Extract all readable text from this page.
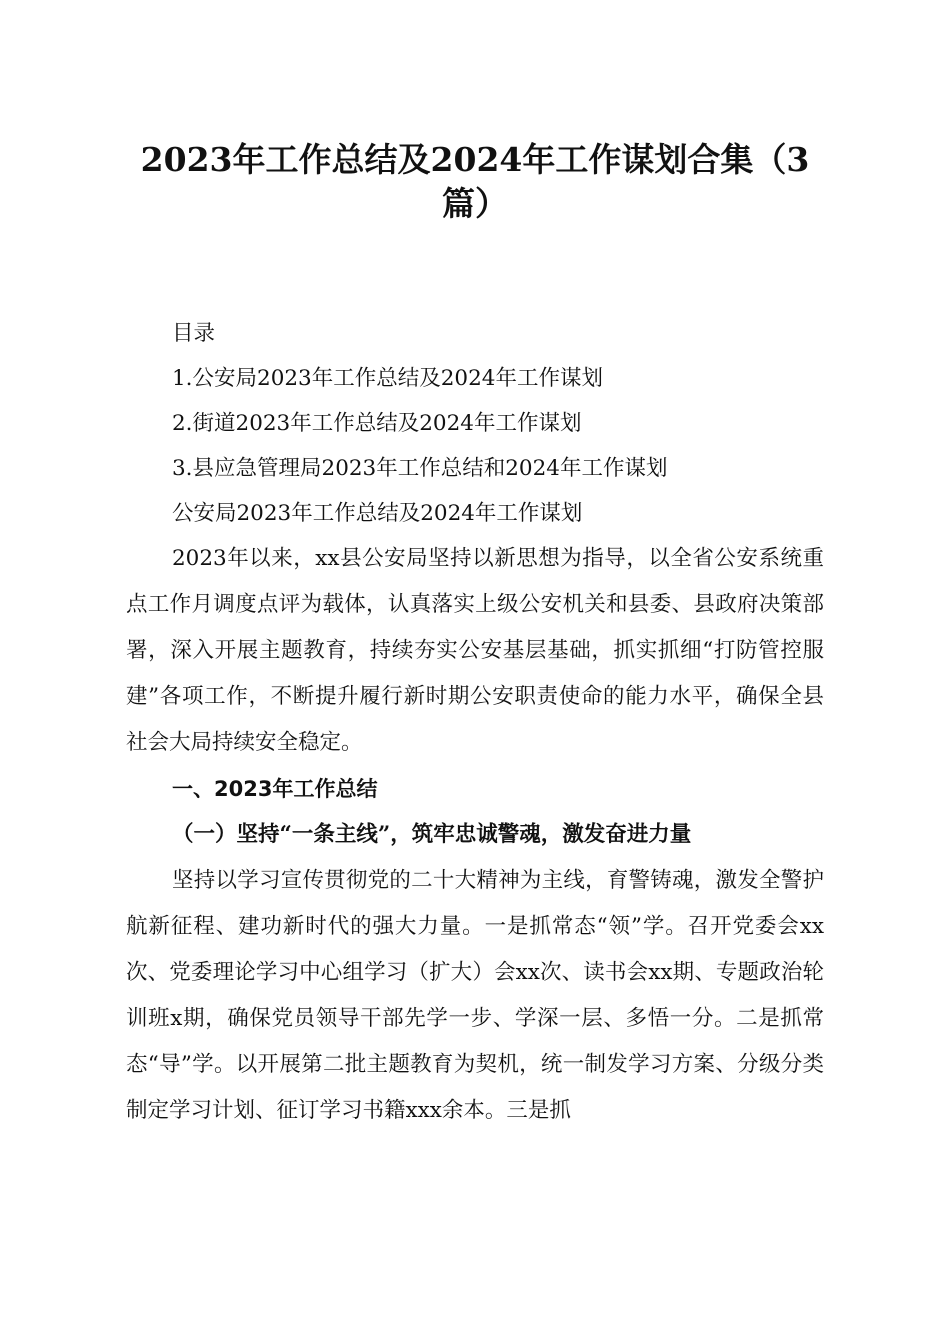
2023年工作总结及2024年工作谋划合集（3篇）

目录

1.公安局2023年工作总结及2024年工作谋划

2.街道2023年工作总结及2024年工作谋划

3.县应急管理局2023年工作总结和2024年工作谋划

公安局2023年工作总结及2024年工作谋划

2023年以来，xx县公安局坚持以新思想为指导，以全省公安系统重点工作月调度点评为载体，认真落实上级公安机关和县委、县政府决策部署，深入开展主题教育，持续夯实公安基层基础，抓实抓细“打防管控服建”各项工作，不断提升履行新时期公安职责使命的能力水平，确保全县社会大局持续安全稳定。

一、2023年工作总结

（一）坚持“一条主线”，筑牢忠诚警魂，激发奋进力量

坚持以学习宣传贯彻党的二十大精神为主线，育警铸魂，激发全警护航新征程、建功新时代的强大力量。一是抓常态“领”学。召开党委会xx次、党委理论学习中心组学习（扩大）会xx次、读书会xx期、专题政治轮训班x期，确保党员领导干部先学一步、学深一层、多悟一分。二是抓常态“导”学。以开展第二批主题教育为契机，统一制发学习方案、分级分类制定学习计划、征订学习书籍xxx余本。三是抓
